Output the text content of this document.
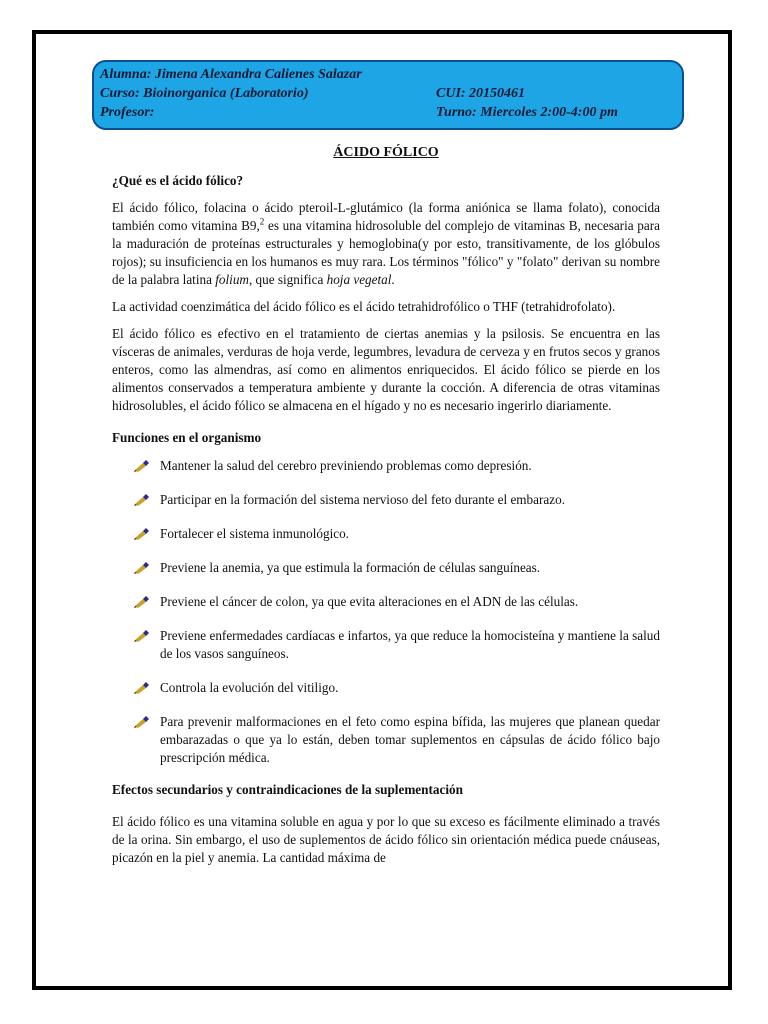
Alumna: Jimena Alexandra Calienes Salazar
Curso: Bioinorganica (Laboratorio)	CUI: 20150461
Profesor:	Turno: Miercoles 2:00-4:00 pm
ÁCIDO FÓLICO
¿Qué es el ácido fólico?

El ácido fólico, folacina o ácido pteroil-L-glutámico (la forma aniónica se llama folato), conocida también como vitamina B9,$^2$ es una vitamina hidrosoluble del complejo de vitaminas B, necesaria para la maduración de proteínas estructurales y hemoglobina(y por esto, transitivamente, de los glóbulos rojos); su insuficiencia en los humanos es muy rara. Los términos "fólico" y "folato" derivan su nombre de la palabra latina folium, que significa hoja vegetal.

La actividad coenzimática del ácido fólico es el ácido tetrahidrofólico o THF (tetrahidrofolato).

El ácido fólico es efectivo en el tratamiento de ciertas anemias y la psilosis. Se encuentra en las vísceras de animales, verduras de hoja verde, legumbres, levadura de cerveza y en frutos secos y granos enteros, como las almendras, así como en alimentos enriquecidos. El ácido fólico se pierde en los alimentos conservados a temperatura ambiente y durante la cocción. A diferencia de otras vitaminas hidrosolubles, el ácido fólico se almacena en el hígado y no es necesario ingerirlo diariamente.

Funciones en el organismo
Mantener la salud del cerebro previniendo problemas como depresión.
Participar en la formación del sistema nervioso del feto durante el embarazo.
Fortalecer el sistema inmunológico.
Previene la anemia, ya que estimula la formación de células sanguíneas.
Previene el cáncer de colon, ya que evita alteraciones en el ADN de las células.
Previene enfermedades cardíacas e infartos, ya que reduce la homocisteína y mantiene la salud de los vasos sanguíneos.
Controla la evolución del vitiligo.
Para prevenir malformaciones en el feto como espina bífida, las mujeres que planean quedar embarazadas o que ya lo están, deben tomar suplementos en cápsulas de ácido fólico bajo prescripción médica.
Efectos secundarios y contraindicaciones de la suplementación

El ácido fólico es una vitamina soluble en agua y por lo que su exceso es fácilmente eliminado a través de la orina. Sin embargo, el uso de suplementos de ácido fólico sin orientación médica puede cnáuseas, picazón en la piel y anemia. La cantidad máxima de
